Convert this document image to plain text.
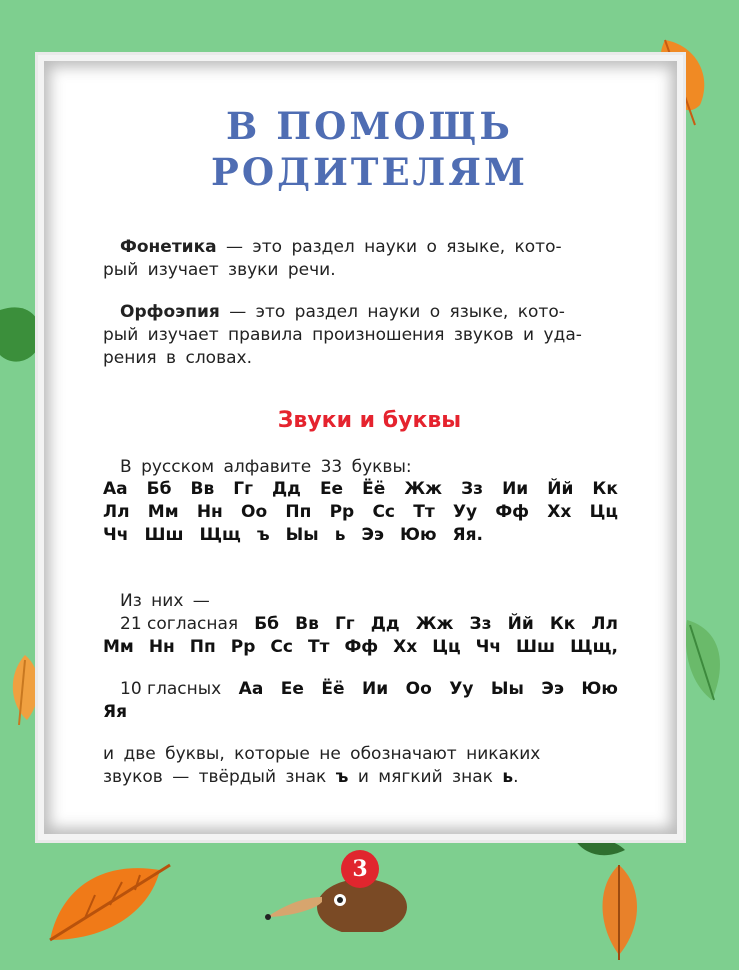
В ПОМОЩЬ
РОДИТЕЛЯМ
Фонетика — это раздел науки о языке, кото-
рый изучает звуки речи.
Орфоэпия — это раздел науки о языке, кото-
рый изучает правила произношения звуков и уда-
рения в словах.
Звуки и буквы
В русском алфавите 33 буквы:
Аа Бб Вв Гг Дд Ее Ёё Жж Зз Ии Йй Кк
Лл Мм Нн Оо Пп Рр Сс Тт Уу Фф Хх Цц
Чч Шш Щщ ъ Ыы ь Ээ Юю Яя.
Из них —
21 согласная Бб Вв Гг Дд Жж Зз Йй Кк Лл
Мм Нн Пп Рр Сс Тт Фф Хх Цц Чч Шш Щщ,
10 гласных Аа Ее Ёё Ии Оо Уу Ыы Ээ Юю
Яя
и две буквы, которые не обозначают никаких
звуков — твёрдый знак ъ и мягкий знак ь.
3
